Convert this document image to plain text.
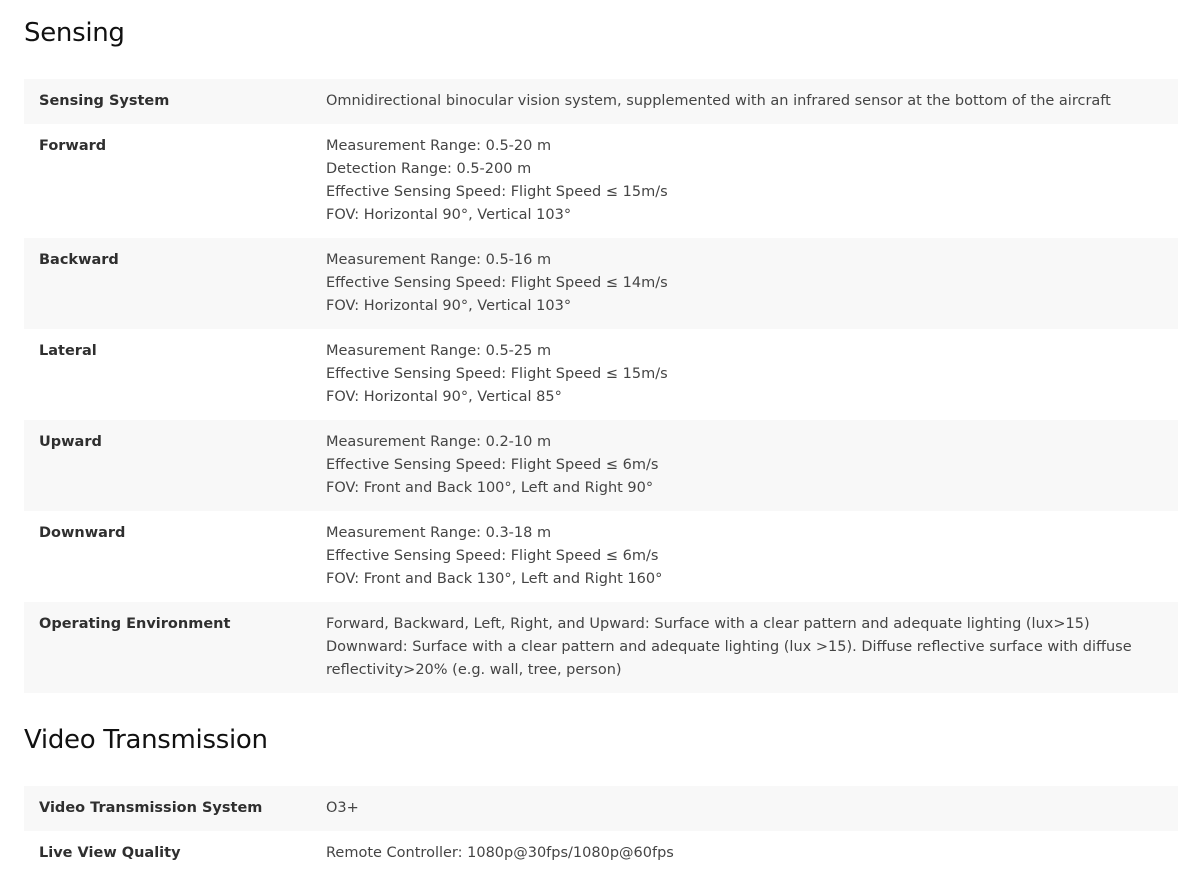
Sensing
Sensing System	Omnidirectional binocular vision system, supplemented with an infrared sensor at the bottom of the aircraft

Forward	Measurement Range: 0.5-20 m
Detection Range: 0.5-200 m
Effective Sensing Speed: Flight Speed ≤ 15m/s
FOV: Horizontal 90°, Vertical 103°

Backward	Measurement Range: 0.5-16 m
Effective Sensing Speed: Flight Speed ≤ 14m/s
FOV: Horizontal 90°, Vertical 103°

Lateral	Measurement Range: 0.5-25 m
Effective Sensing Speed: Flight Speed ≤ 15m/s
FOV: Horizontal 90°, Vertical 85°

Upward	Measurement Range: 0.2-10 m
Effective Sensing Speed: Flight Speed ≤ 6m/s
FOV: Front and Back 100°, Left and Right 90°

Downward	Measurement Range: 0.3-18 m
Effective Sensing Speed: Flight Speed ≤ 6m/s
FOV: Front and Back 130°, Left and Right 160°

Operating Environment	Forward, Backward, Left, Right, and Upward: Surface with a clear pattern and adequate lighting (lux>15)
Downward: Surface with a clear pattern and adequate lighting (lux >15). Diffuse reflective surface with diffuse reflectivity>20% (e.g. wall, tree, person)
Video Transmission
Video Transmission System	O3+

Live View Quality	Remote Controller: 1080p@30fps/1080p@60fps
